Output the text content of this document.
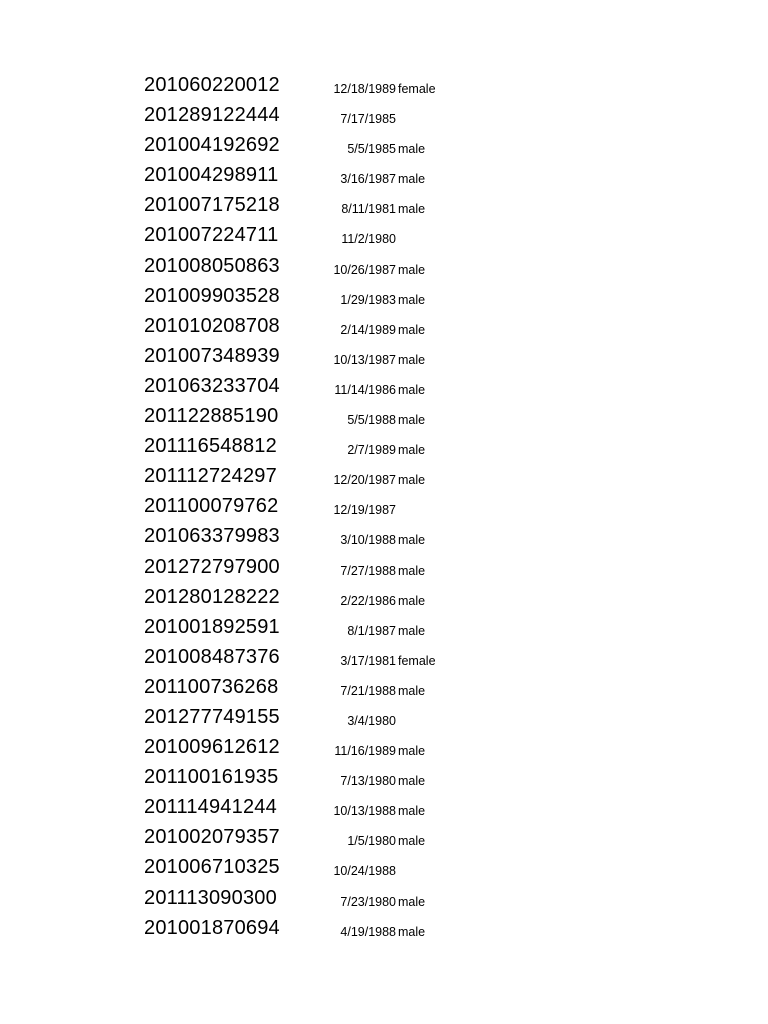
201060220012	12/18/1989 female
201289122444	7/17/1985
201004192692	5/5/1985 male
201004298911	3/16/1987 male
201007175218	8/11/1981 male
201007224711	11/2/1980
201008050863	10/26/1987 male
201009903528	1/29/1983 male
201010208708	2/14/1989 male
201007348939	10/13/1987 male
201063233704	11/14/1986 male
201122885190	5/5/1988 male
201116548812	2/7/1989 male
201112724297	12/20/1987 male
201100079762	12/19/1987
201063379983	3/10/1988 male
201272797900	7/27/1988 male
201280128222	2/22/1986 male
201001892591	8/1/1987 male
201008487376	3/17/1981 female
201100736268	7/21/1988 male
201277749155	3/4/1980
201009612612	11/16/1989 male
201100161935	7/13/1980 male
201114941244	10/13/1988 male
201002079357	1/5/1980 male
201006710325	10/24/1988
201113090300	7/23/1980 male
201001870694	4/19/1988 male
